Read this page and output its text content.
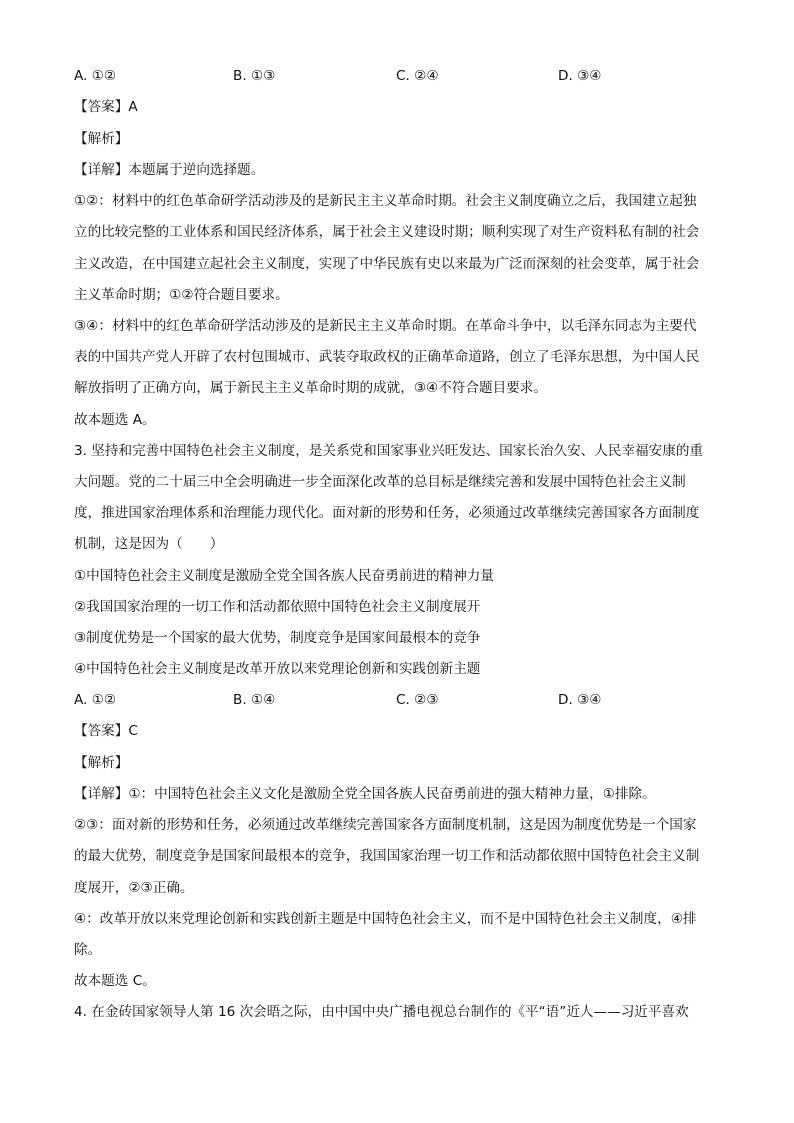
A. ①②	B. ①③	C. ②④	D. ③④
【答案】A
【解析】
【详解】本题属于逆向选择题。
①②：材料中的红色革命研学活动涉及的是新民主主义革命时期。社会主义制度确立之后，我国建立起独
立的比较完整的工业体系和国民经济体系，属于社会主义建设时期；顺利实现了对生产资料私有制的社会
主义改造，在中国建立起社会主义制度，实现了中华民族有史以来最为广泛而深刻的社会变革，属于社会
主义革命时期；①②符合题目要求。
③④：材料中的红色革命研学活动涉及的是新民主主义革命时期。在革命斗争中，以毛泽东同志为主要代
表的中国共产党人开辟了农村包围城市、武装夺取政权的正确革命道路，创立了毛泽东思想，为中国人民
解放指明了正确方向，属于新民主主义革命时期的成就，③④不符合题目要求。
故本题选 A。
3. 坚持和完善中国特色社会主义制度，是关系党和国家事业兴旺发达、国家长治久安、人民幸福安康的重
大问题。党的二十届三中全会明确进一步全面深化改革的总目标是继续完善和发展中国特色社会主义制
度，推进国家治理体系和治理能力现代化。面对新的形势和任务，必须通过改革继续完善国家各方面制度
机制，这是因为（　　）
①中国特色社会主义制度是激励全党全国各族人民奋勇前进的精神力量
②我国国家治理的一切工作和活动都依照中国特色社会主义制度展开
③制度优势是一个国家的最大优势，制度竞争是国家间最根本的竞争
④中国特色社会主义制度是改革开放以来党理论创新和实践创新主题
A. ①②	B. ①④	C. ②③	D. ③④
【答案】C
【解析】
【详解】①：中国特色社会主义文化是激励全党全国各族人民奋勇前进的强大精神力量，①排除。
②③：面对新的形势和任务，必须通过改革继续完善国家各方面制度机制，这是因为制度优势是一个国家
的最大优势，制度竞争是国家间最根本的竞争，我国国家治理一切工作和活动都依照中国特色社会主义制
度展开，②③正确。
④：改革开放以来党理论创新和实践创新主题是中国特色社会主义，而不是中国特色社会主义制度，④排
除。
故本题选 C。
4. 在金砖国家领导人第 16 次会晤之际，由中国中央广播电视总台制作的《平“语”近人——习近平喜欢
